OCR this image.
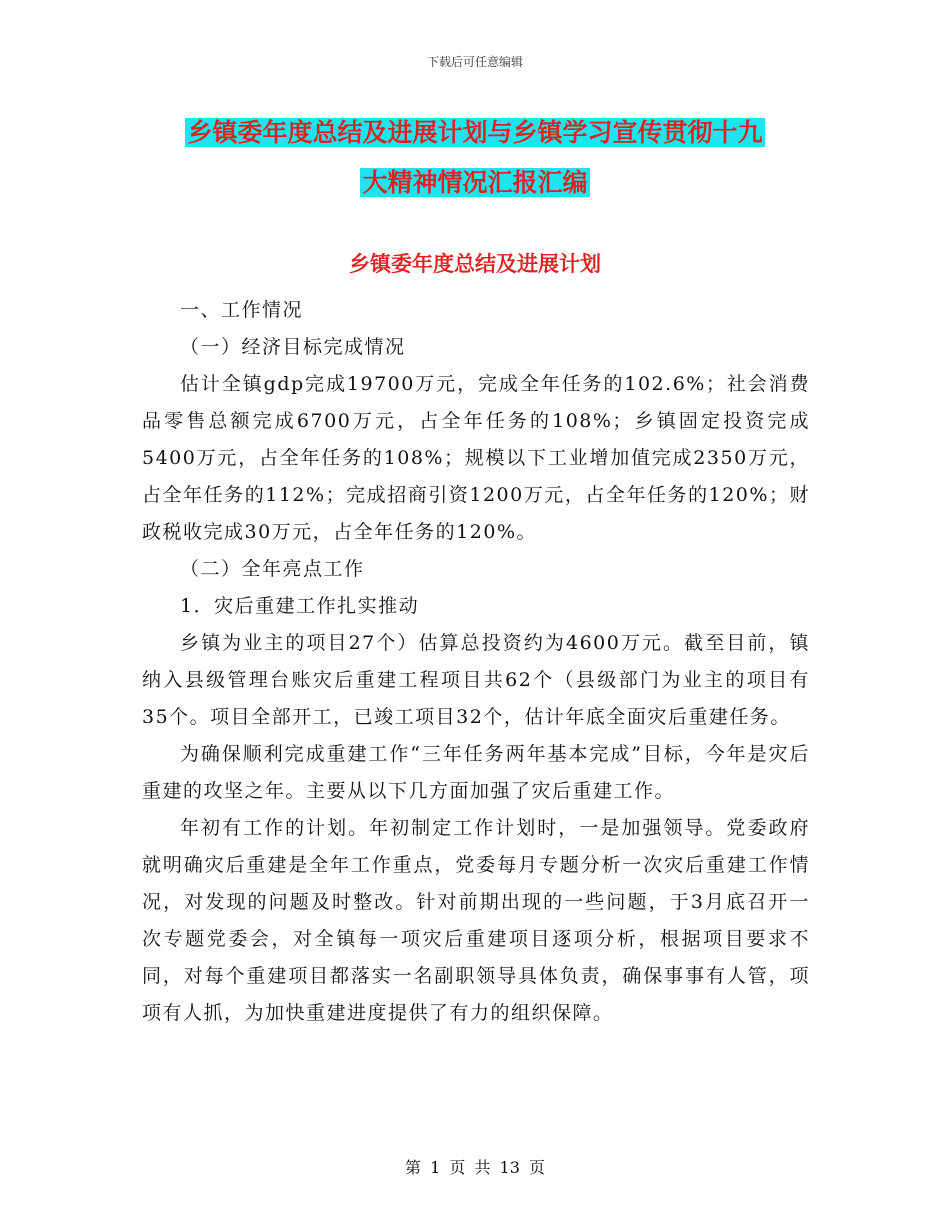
下载后可任意编辑
乡镇委年度总结及进展计划与乡镇学习宣传贯彻十九
大精神情况汇报汇编
乡镇委年度总结及进展计划

一、工作情况

（一）经济目标完成情况

估计全镇gdp完成19700万元，完成全年任务的102.6%；社会消费品零售总额完成6700万元，占全年任务的108%；乡镇固定投资完成5400万元，占全年任务的108%；规模以下工业增加值完成2350万元，占全年任务的112%；完成招商引资1200万元，占全年任务的120%；财政税收完成30万元，占全年任务的120%。

（二）全年亮点工作

1．灾后重建工作扎实推动

乡镇为业主的项目27个）估算总投资约为4600万元。截至目前，镇纳入县级管理台账灾后重建工程项目共62个（县级部门为业主的项目有35个。项目全部开工，已竣工项目32个，估计年底全面灾后重建任务。

为确保顺利完成重建工作“三年任务两年基本完成”目标，今年是灾后重建的攻坚之年。主要从以下几方面加强了灾后重建工作。

年初有工作的计划。年初制定工作计划时，一是加强领导。党委政府就明确灾后重建是全年工作重点，党委每月专题分析一次灾后重建工作情况，对发现的问题及时整改。针对前期出现的一些问题，于3月底召开一次专题党委会，对全镇每一项灾后重建项目逐项分析，根据项目要求不同，对每个重建项目都落实一名副职领导具体负责，确保事事有人管，项项有人抓，为加快重建进度提供了有力的组织保障。

第 1 页 共 13 页
